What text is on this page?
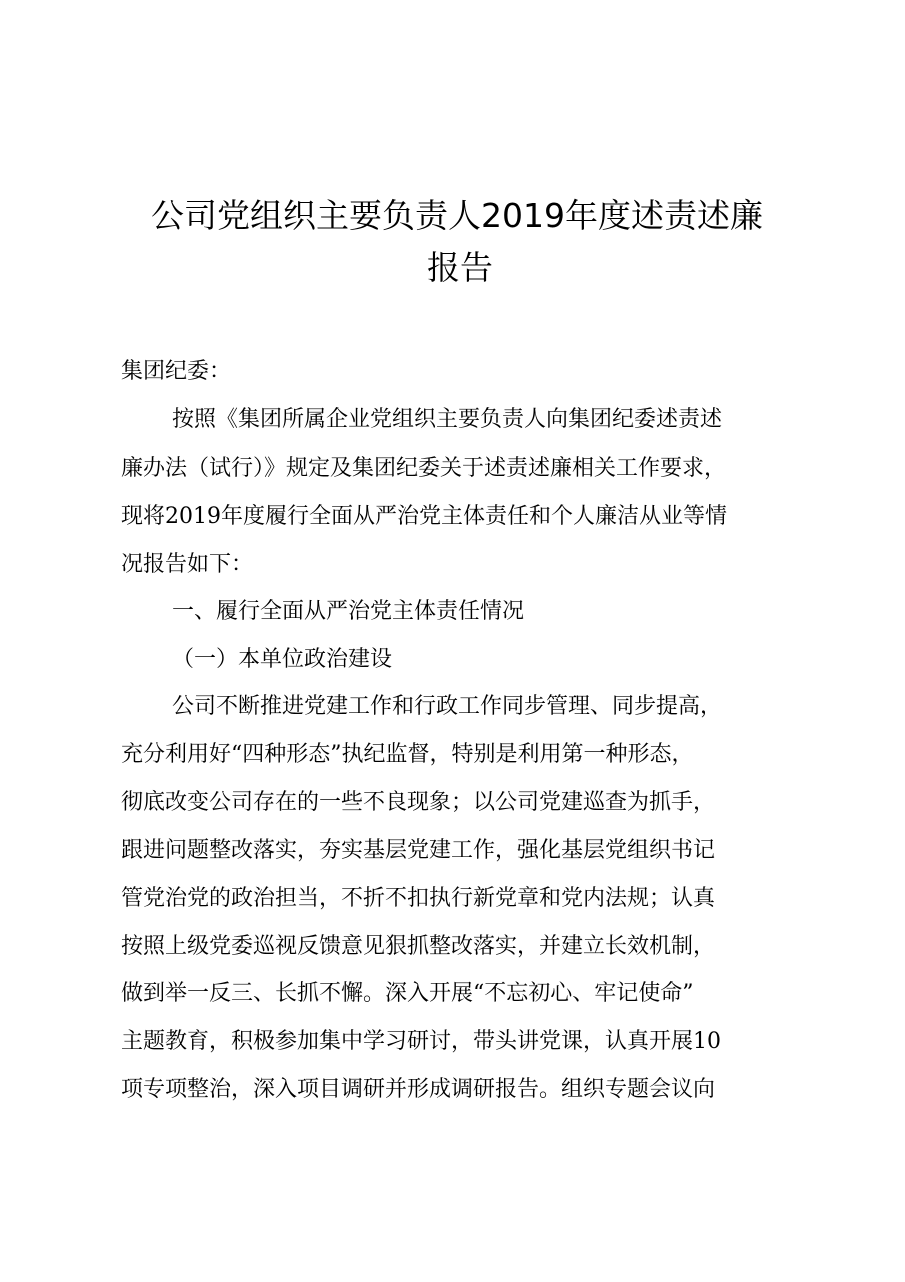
公司党组织主要负责人2019年度述责述廉
报告

集团纪委：

按照《集团所属企业党组织主要负责人向集团纪委述责述

廉办法（试行）》规定及集团纪委关于述责述廉相关工作要求，

现将2019年度履行全面从严治党主体责任和个人廉洁从业等情

况报告如下：

一、履行全面从严治党主体责任情况

（一）本单位政治建设

公司不断推进党建工作和行政工作同步管理、同步提高，

充分利用好“四种形态”执纪监督，特别是利用第一种形态，

彻底改变公司存在的一些不良现象；以公司党建巡查为抓手，

跟进问题整改落实，夯实基层党建工作，强化基层党组织书记

管党治党的政治担当，不折不扣执行新党章和党内法规；认真

按照上级党委巡视反馈意见狠抓整改落实，并建立长效机制，

做到举一反三、长抓不懈。深入开展“不忘初心、牢记使命”

主题教育，积极参加集中学习研讨，带头讲党课，认真开展10

项专项整治，深入项目调研并形成调研报告。组织专题会议向
